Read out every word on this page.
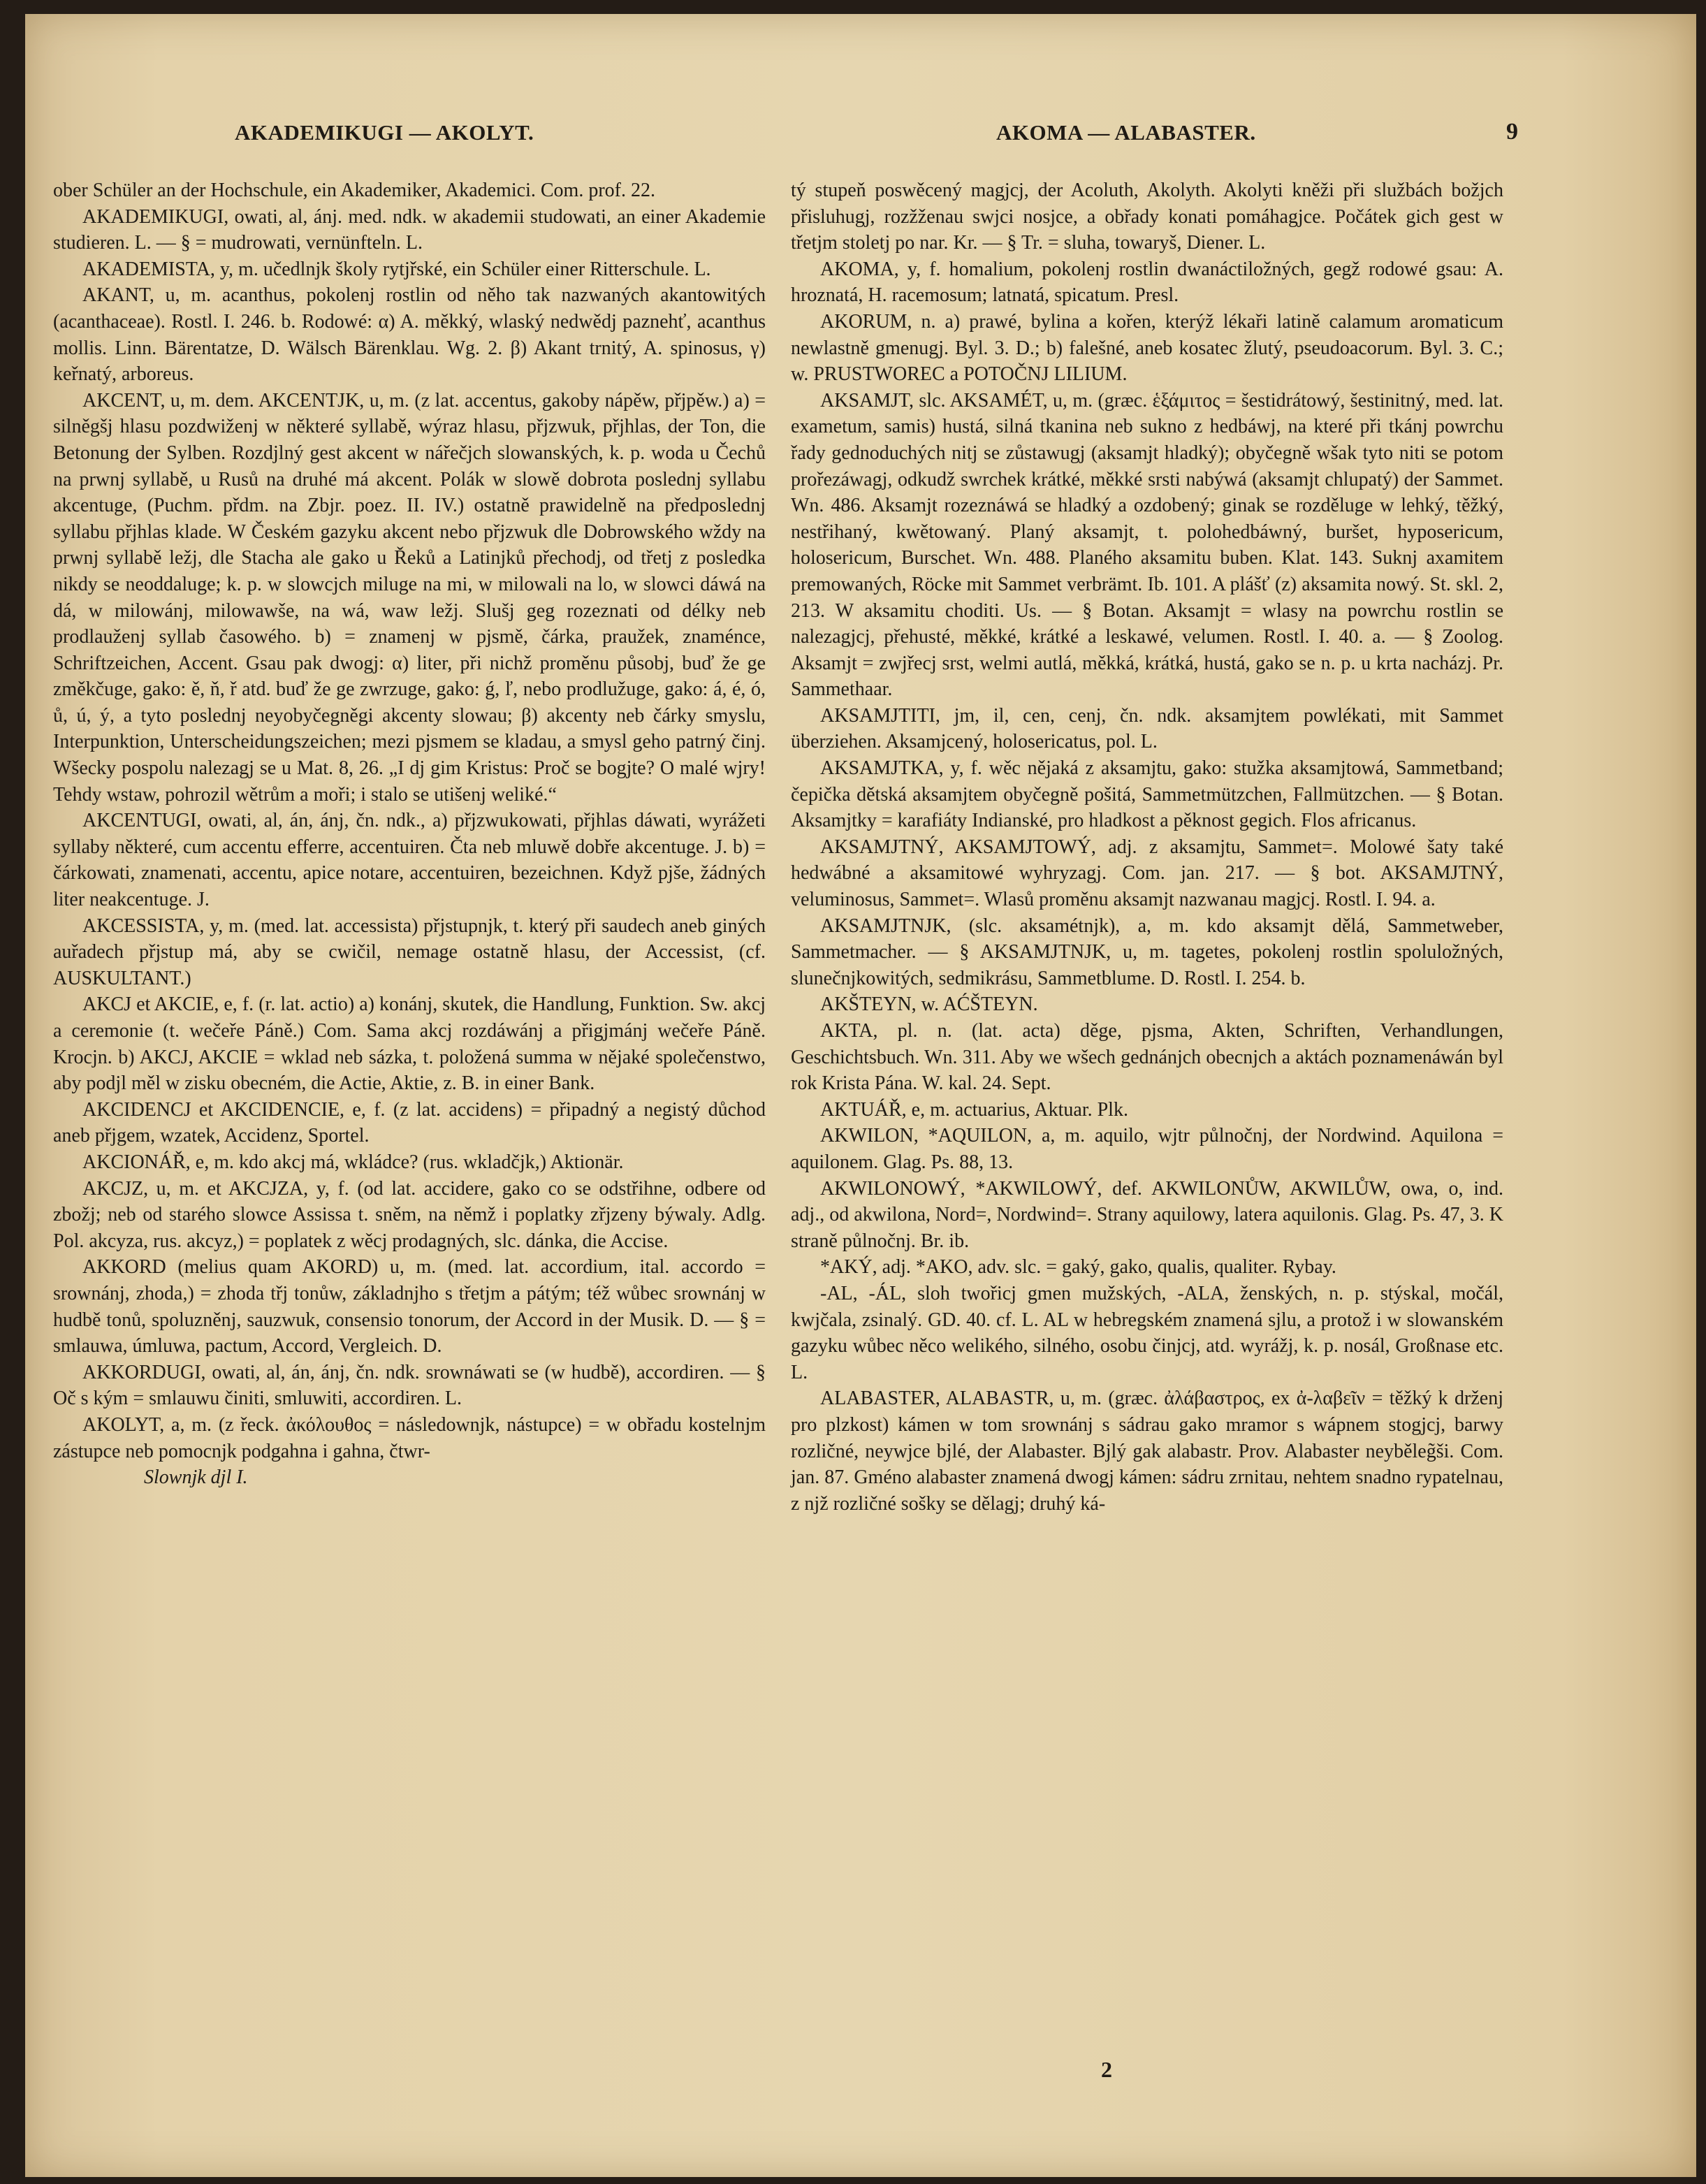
AKADEMIKUGI — AKOLYT.	AKOMA — ALABASTER.	9

ober Schüler an der Hochschule, ein Akademiker, Akademici. Com. prof. 22.

AKADEMIKUGI, owati, al, ánj. med. ndk. w akademii studowati, an einer Akademie studieren. L. — § = mudrowati, vernünfteln. L.

AKADEMISTA, y, m. učedlnjk školy rytjřské, ein Schüler einer Ritterschule. L.

AKANT, u, m. acanthus, pokolenj rostlin od něho tak nazwaných akantowitých (acanthaceae). Rostl. I. 246. b. Rodowé: α) A. měkký, wlaský nedwědj paznehť, acanthus mollis. Linn. Bärentatze, D. Wälsch Bärenklau. Wg. 2. β) Akant trnitý, A. spinosus, γ) keřnatý, arboreus.

AKCENT, u, m. dem. AKCENTJK, u, m. (z lat. accentus, gakoby nápěw, přjpěw.) a) = silněgšj hlasu pozdwiženj w některé syllabě, wýraz hlasu, přjzwuk, přjhlas, der Ton, die Betonung der Sylben. Rozdjlný gest akcent w nářečjch slowanských, k. p. woda u Čechů na prwnj syllabě, u Rusů na druhé má akcent. Polák w slowě dobrota poslednj syllabu akcentuge, (Puchm. přdm. na Zbjr. poez. II. IV.) ostatně prawidelně na předposlednj syllabu přjhlas klade. W Českém gazyku akcent nebo přjzwuk dle Dobrowského wždy na prwnj syllabě ležj, dle Stacha ale gako u Řeků a Latinjků přechodj, od třetj z posledka nikdy se neoddaluge; k. p. w slowcjch miluge na mi, w milowali na lo, w slowci dáwá na dá, w milowánj, milowawše, na wá, waw ležj. Slušj geg rozeznati od délky neb prodlauženj syllab časowého. b) = znamenj w pjsmě, čárka, praužek, znaménce, Schriftzeichen, Accent. Gsau pak dwogj: α) liter, při nichž proměnu působj, buď že ge změkčuge, gako: ě, ň, ř atd. buď že ge zwrzuge, gako: ǵ, ľ, nebo prodlužuge, gako: á, é, ó, ů, ú, ý, a tyto poslednj neyobyčegněgi akcenty slowau; β) akcenty neb čárky smyslu, Interpunktion, Unterscheidungszeichen; mezi pjsmem se kladau, a smysl geho patrný činj. Wšecky pospolu nalezagj se u Mat. 8, 26. „I dj gim Kristus: Proč se bogjte? O malé wjry! Tehdy wstaw, pohrozil wětrům a moři; i stalo se utišenj weliké.“

AKCENTUGI, owati, al, án, ánj, čn. ndk., a) přjzwukowati, přjhlas dáwati, wyrážeti syllaby některé, cum accentu efferre, accentuiren. Čta neb mluwě dobře akcentuge. J. b) = čárkowati, znamenati, accentu, apice notare, accentuiren, bezeichnen. Když pjše, žádných liter neakcentuge. J.

AKCESSISTA, y, m. (med. lat. accessista) přjstupnjk, t. který při saudech aneb giných auřadech přjstup má, aby se cwičil, nemage ostatně hlasu, der Accessist, (cf. AUSKULTANT.)

AKCJ et AKCIE, e, f. (r. lat. actio) a) konánj, skutek, die Handlung, Funktion. Sw. akcj a ceremonie (t. wečeře Páně.) Com. Sama akcj rozdáwánj a přigjmánj wečeře Páně. Krocjn. b) AKCJ, AKCIE = wklad neb sázka, t. položená summa w nějaké společenstwo, aby podjl měl w zisku obecném, die Actie, Aktie, z. B. in einer Bank.

AKCIDENCJ et AKCIDENCIE, e, f. (z lat. accidens) = připadný a negistý důchod aneb přjgem, wzatek, Accidenz, Sportel.

AKCIONÁŘ, e, m. kdo akcj má, wkládce? (rus. wkladčjk,) Aktionär.

AKCJZ, u, m. et AKCJZA, y, f. (od lat. accidere, gako co se odstřihne, odbere od zbožj; neb od starého slowce Assissa t. sněm, na němž i poplatky zřjzeny býwaly. Adlg. Pol. akcyza, rus. akcyz,) = poplatek z wěcj prodagných, slc. dánka, die Accise.

AKKORD (melius quam AKORD) u, m. (med. lat. accordium, ital. accordo = srownánj, zhoda,) = zhoda třj tonůw, základnjho s třetjm a pátým; též wůbec srownánj w hudbě tonů, spoluzněnj, sauzwuk, consensio tonorum, der Accord in der Musik. D. — § = smlauwa, úmluwa, pactum, Accord, Vergleich. D.

AKKORDUGI, owati, al, án, ánj, čn. ndk. srownáwati se (w hudbě), accordiren. — § Oč s kým = smlauwu činiti, smluwiti, accordiren. L.

AKOLYT, a, m. (z řeck. ἀκόλουθος = následownjk, nástupce) = w obřadu kostelnjm zástupce neb pomocnjk podgahna i gahna, čtwr-

Slownjk djl I.

tý stupeň poswěcený magjcj, der Acoluth, Akolyth. Akolyti kněži při službách božjch přisluhugj, rozžženau swjci nosjce, a obřady konati pomáhagjce. Počátek gich gest w třetjm stoletj po nar. Kr. — § Tr. = sluha, towaryš, Diener. L.

AKOMA, y, f. homalium, pokolenj rostlin dwanáctiložných, gegž rodowé gsau: A. hroznatá, H. racemosum; latnatá, spicatum. Presl.

AKORUM, n. a) prawé, bylina a kořen, kterýž lékaři latině calamum aromaticum newlastně gmenugj. Byl. 3. D.; b) falešné, aneb kosatec žlutý, pseudoacorum. Byl. 3. C.; w. PRUSTWOREC a POTOČNJ LILIUM.

AKSAMJT, slc. AKSAMÉT, u, m. (græc. ἑξάμιτος = šestidrátowý, šestinitný, med. lat. exametum, samis) hustá, silná tkanina neb sukno z hedbáwj, na které při tkánj powrchu řady gednoduchých nitj se zůstawugj (aksamjt hladký); obyčegně wšak tyto niti se potom prořezáwagj, odkudž swrchek krátké, měkké srsti nabýwá (aksamjt chlupatý) der Sammet. Wn. 486. Aksamjt rozeznáwá se hladký a ozdobený; ginak se rozděluge w lehký, těžký, nestřihaný, kwětowaný. Planý aksamjt, t. polohedbáwný, buršet, hyposericum, holosericum, Burschet. Wn. 488. Planého aksamitu buben. Klat. 143. Suknj axamitem premowaných, Röcke mit Sammet verbrämt. Ib. 101. A plášť (z) aksamita nowý. St. skl. 2, 213. W aksamitu choditi. Us. — § Botan. Aksamjt = wlasy na powrchu rostlin se nalezagjcj, přehusté, měkké, krátké a leskawé, velumen. Rostl. I. 40. a. — § Zoolog. Aksamjt = zwjřecj srst, welmi autlá, měkká, krátká, hustá, gako se n. p. u krta nacházj. Pr. Sammethaar.

AKSAMJTITI, jm, il, cen, cenj, čn. ndk. aksamjtem powlékati, mit Sammet überziehen. Aksamjcený, holosericatus, pol. L.

AKSAMJTKA, y, f. wěc nějaká z aksamjtu, gako: stužka aksamjtowá, Sammetband; čepička dětská aksamjtem obyčegně pošitá, Sammetmützchen, Fallmützchen. — § Botan. Aksamjtky = karafiáty Indianské, pro hladkost a pěknost gegich. Flos africanus.

AKSAMJTNÝ, AKSAMJTOWÝ, adj. z aksamjtu, Sammet=. Molowé šaty také hedwábné a aksamitowé wyhryzagj. Com. jan. 217. — § bot. AKSAMJTNÝ, veluminosus, Sammet=. Wlasů proměnu aksamjt nazwanau magjcj. Rostl. I. 94. a.

AKSAMJTNJK, (slc. aksamétnjk), a, m. kdo aksamjt dělá, Sammetweber, Sammetmacher. — § AKSAMJTNJK, u, m. tagetes, pokolenj rostlin spoluložných, slunečnjkowitých, sedmikrásu, Sammetblume. D. Rostl. I. 254. b.

AKŠTEYN, w. AĆŠTEYN.

AKTA, pl. n. (lat. acta) děge, pjsma, Akten, Schriften, Verhandlungen, Geschichtsbuch. Wn. 311. Aby we wšech gednánjch obecnjch a aktách poznamenáwán byl rok Krista Pána. W. kal. 24. Sept.

AKTUÁŘ, e, m. actuarius, Aktuar. Plk.

AKWILON, *AQUILON, a, m. aquilo, wjtr půlnočnj, der Nordwind. Aquilona = aquilonem. Glag. Ps. 88, 13.

AKWILONOWÝ, *AKWILOWÝ, def. AKWILONŮW, AKWILŮW, owa, o, ind. adj., od akwilona, Nord=, Nordwind=. Strany aquilowy, latera aquilonis. Glag. Ps. 47, 3. K straně půlnočnj. Br. ib.

*AKÝ, adj. *AKO, adv. slc. = gaký, gako, qualis, qualiter. Rybay.

-AL, -ÁL, sloh twořicj gmen mužských, -ALA, ženských, n. p. stýskal, močál, kwjčala, zsinalý. GD. 40. cf. L. AL w hebregském znamená sjlu, a protož i w slowanském gazyku wůbec něco welikého, silného, osobu činjcj, atd. wyrážj, k. p. nosál, Großnase etc. L.

ALABASTER, ALABASTR, u, m. (græc. ἀλάβαστρος, ex ἀ-λαβεῖν = těžký k drženj pro plzkost) kámen w tom srownánj s sádrau gako mramor s wápnem stogjcj, barwy rozličné, neywjce bjlé, der Alabaster. Bjlý gak alabastr. Prov. Alabaster neyběleg̃ši. Com. jan. 87. Gméno alabaster znamená dwogj kámen: sádru zrnitau, nehtem snadno rypatelnau, z njž rozličné sošky se dělagj; druhý ká-

2
